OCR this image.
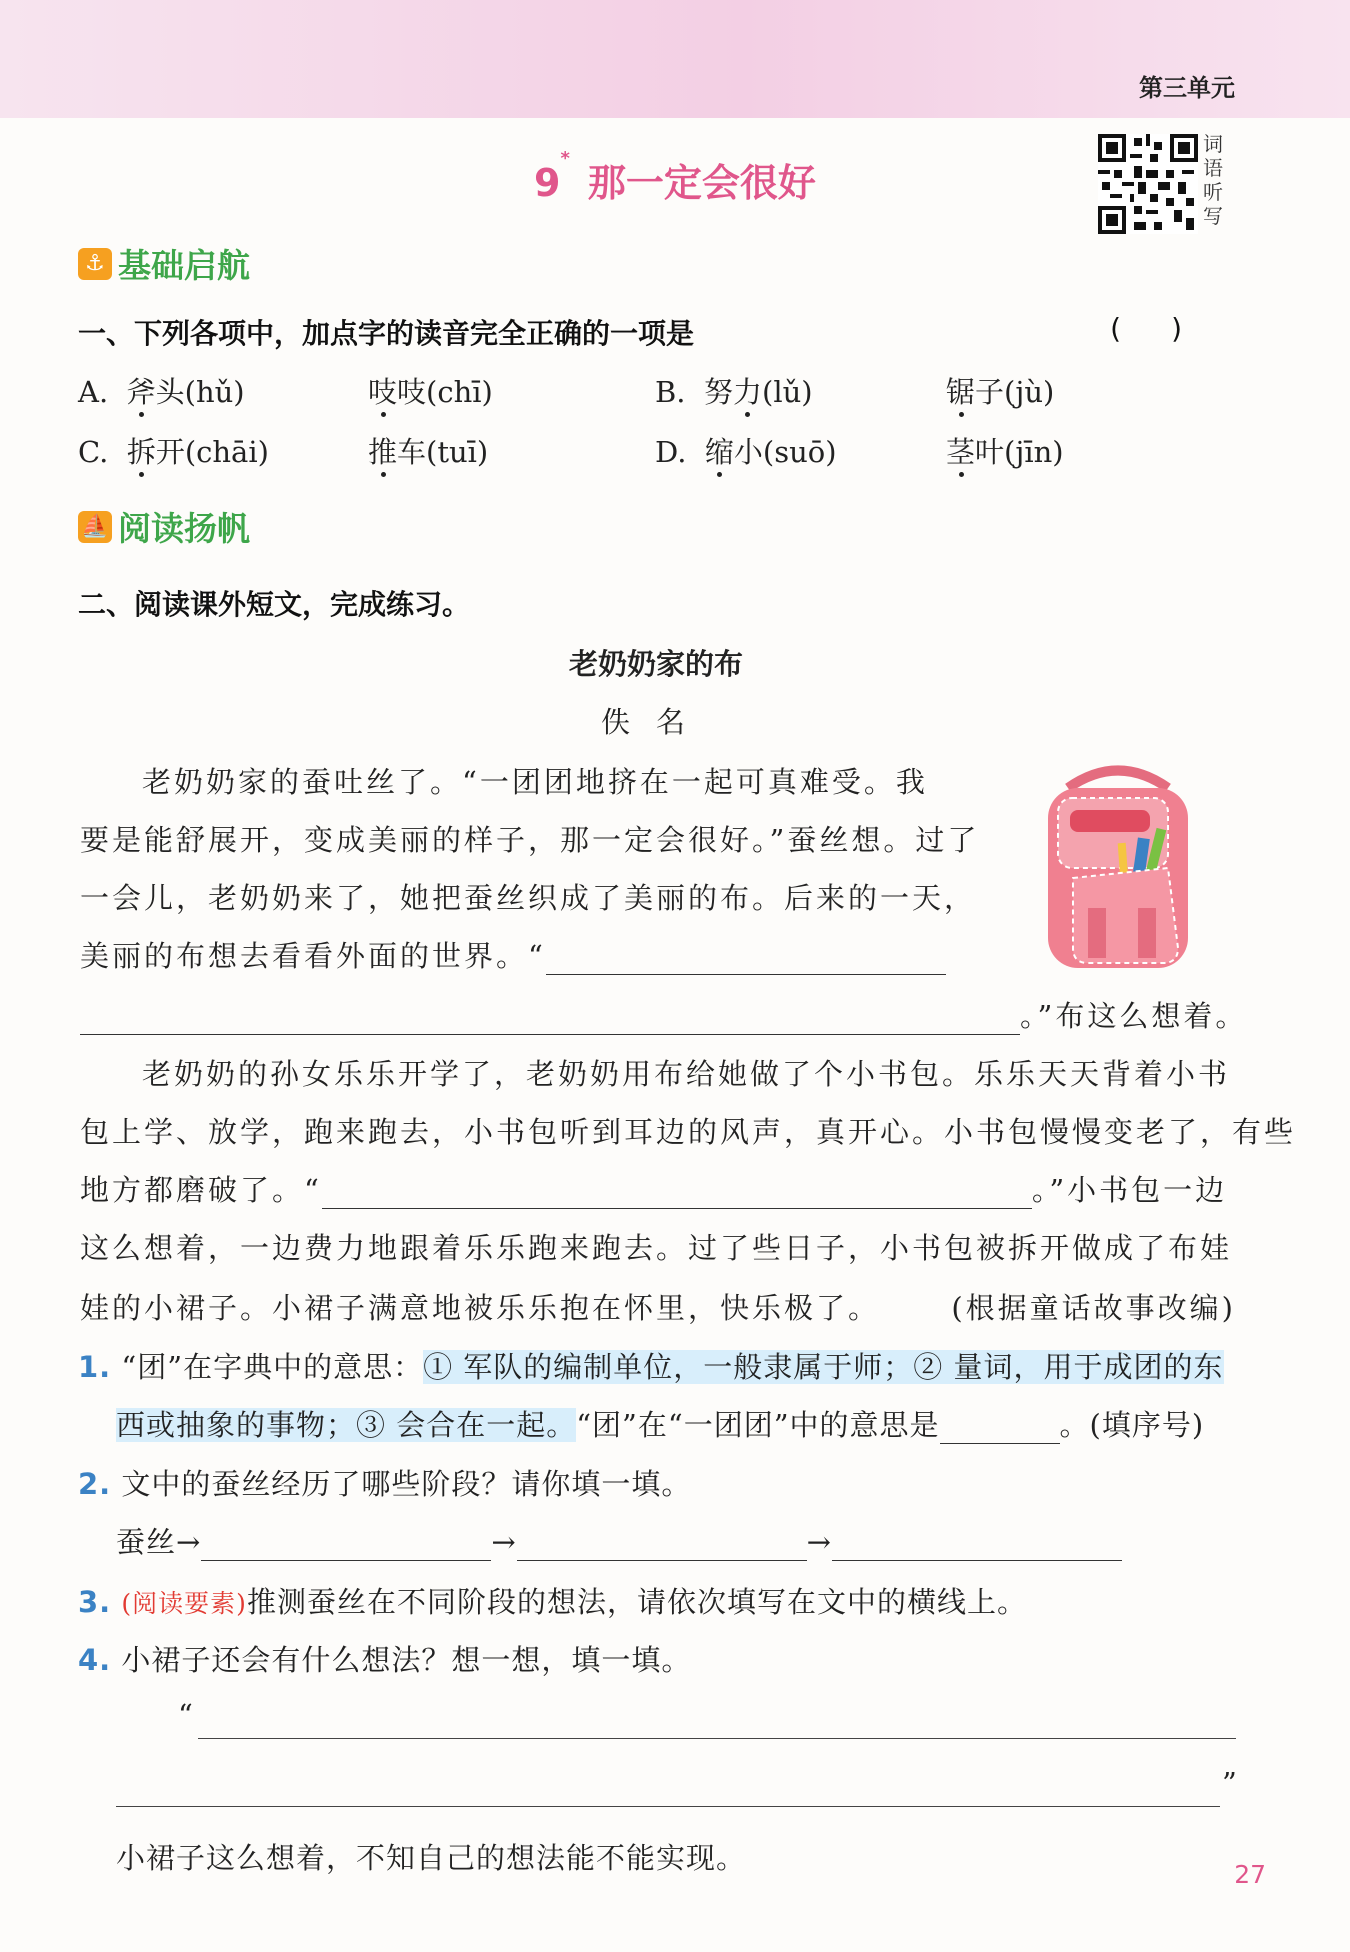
第三单元
9*那一定会很好
词
语
听
写
⚓ 基础启航
一、下列各项中，加点字的读音完全正确的一项是	()
A. 斧头(hǔ)	吱吱(chī)	B. 努力(lǔ)	锯子(jù)
C. 拆开(chāi)	推车(tuī)	D. 缩小(suō)	茎叶(jīn)
⛵ 阅读扬帆
二、阅读课外短文，完成练习。
老奶奶家的布
佚名
老奶奶家的蚕吐丝了。“一团团地挤在一起可真难受。我
要是能舒展开，变成美丽的样子，那一定会很好。”蚕丝想。过了
一会儿，老奶奶来了，她把蚕丝织成了美丽的布。后来的一天，
美丽的布想去看看外面的世界。“
。”布这么想着。
老奶奶的孙女乐乐开学了，老奶奶用布给她做了个小书包。乐乐天天背着小书
包上学、放学，跑来跑去，小书包听到耳边的风声，真开心。小书包慢慢变老了，有些
地方都磨破了。“	。”小书包一边
这么想着，一边费力地跟着乐乐跑来跑去。过了些日子，小书包被拆开做成了布娃
娃的小裙子。小裙子满意地被乐乐抱在怀里，快乐极了。 (根据童话故事改编)
1. “团”在字典中的意思：① 军队的编制单位，一般隶属于师；② 量词，用于成团的东
西或抽象的事物；③ 会合在一起。“团”在“一团团”中的意思是	。(填序号)
2. 文中的蚕丝经历了哪些阶段？请你填一填。
蚕丝→	→	→
3. (阅读要素)推测蚕丝在不同阶段的想法，请依次填写在文中的横线上。
4. 小裙子还会有什么想法？想一想，填一填。
“
”
小裙子这么想着，不知自己的想法能不能实现。	27
